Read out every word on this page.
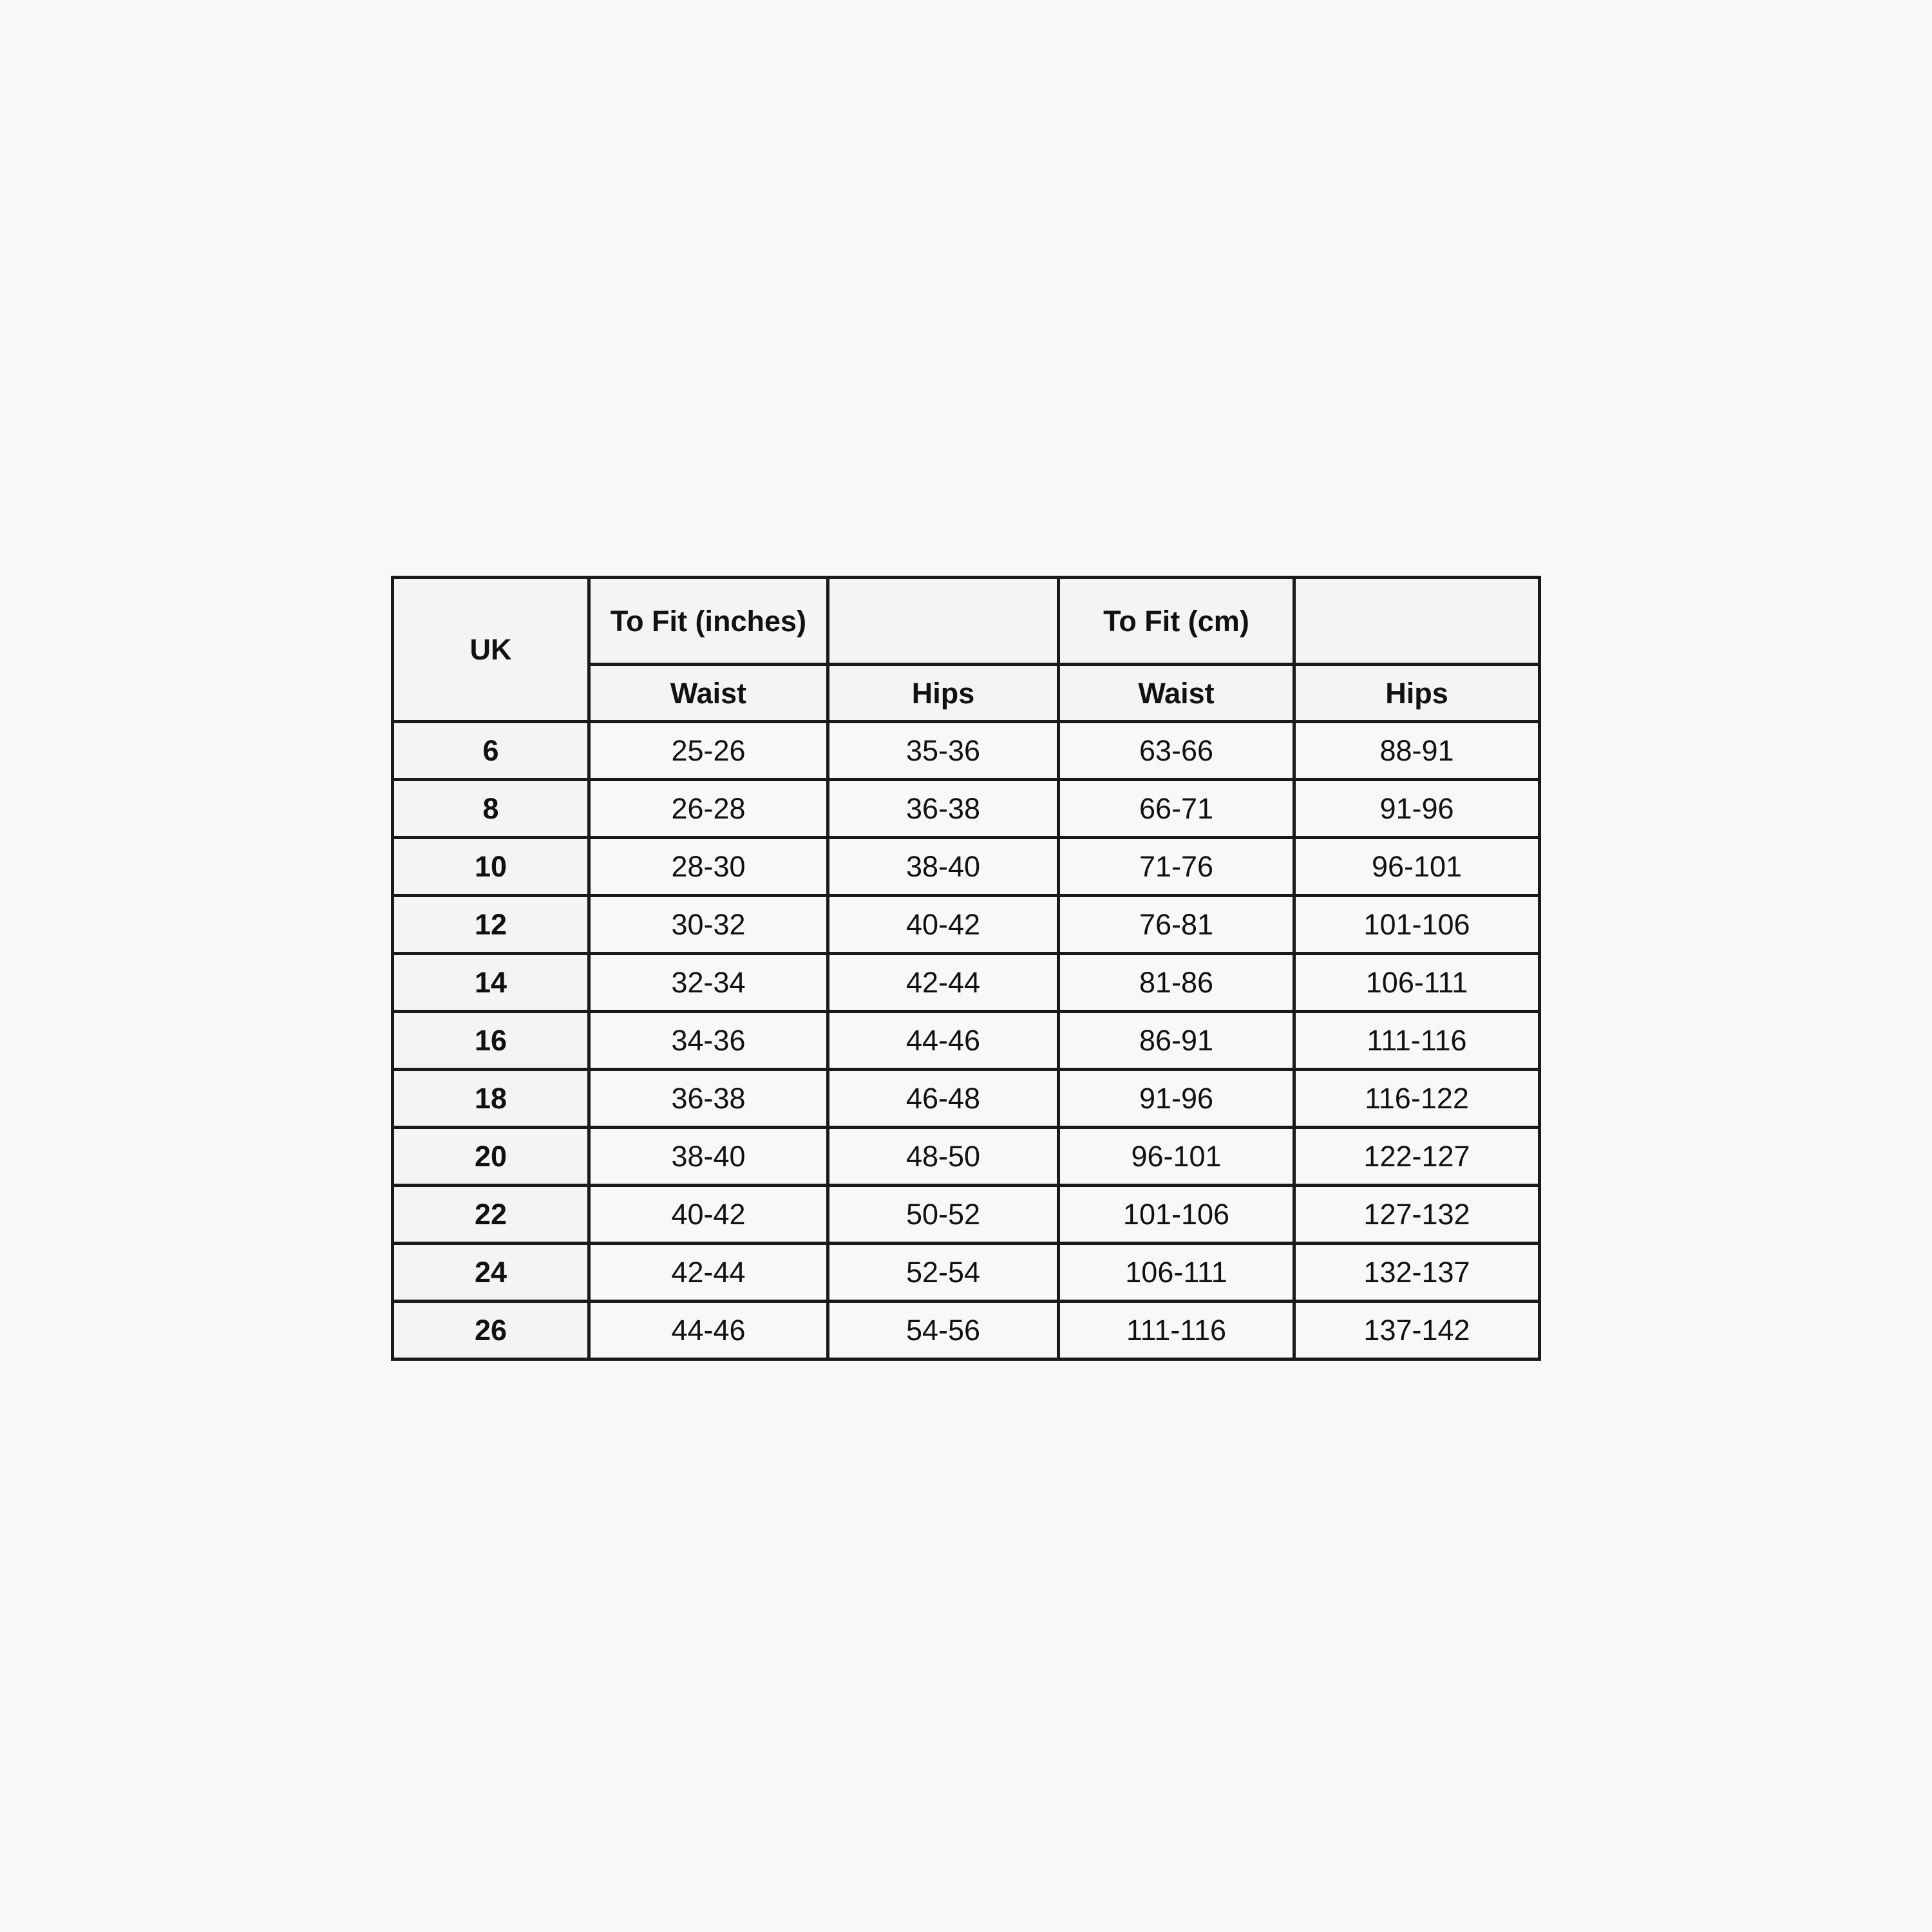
UK	To Fit (inches)		To Fit (cm)	
	Waist	Hips	Waist	Hips
6	25-26	35-36	63-66	88-91
8	26-28	36-38	66-71	91-96
10	28-30	38-40	71-76	96-101
12	30-32	40-42	76-81	101-106
14	32-34	42-44	81-86	106-111
16	34-36	44-46	86-91	111-116
18	36-38	46-48	91-96	116-122
20	38-40	48-50	96-101	122-127
22	40-42	50-52	101-106	127-132
24	42-44	52-54	106-111	132-137
26	44-46	54-56	111-116	137-142
